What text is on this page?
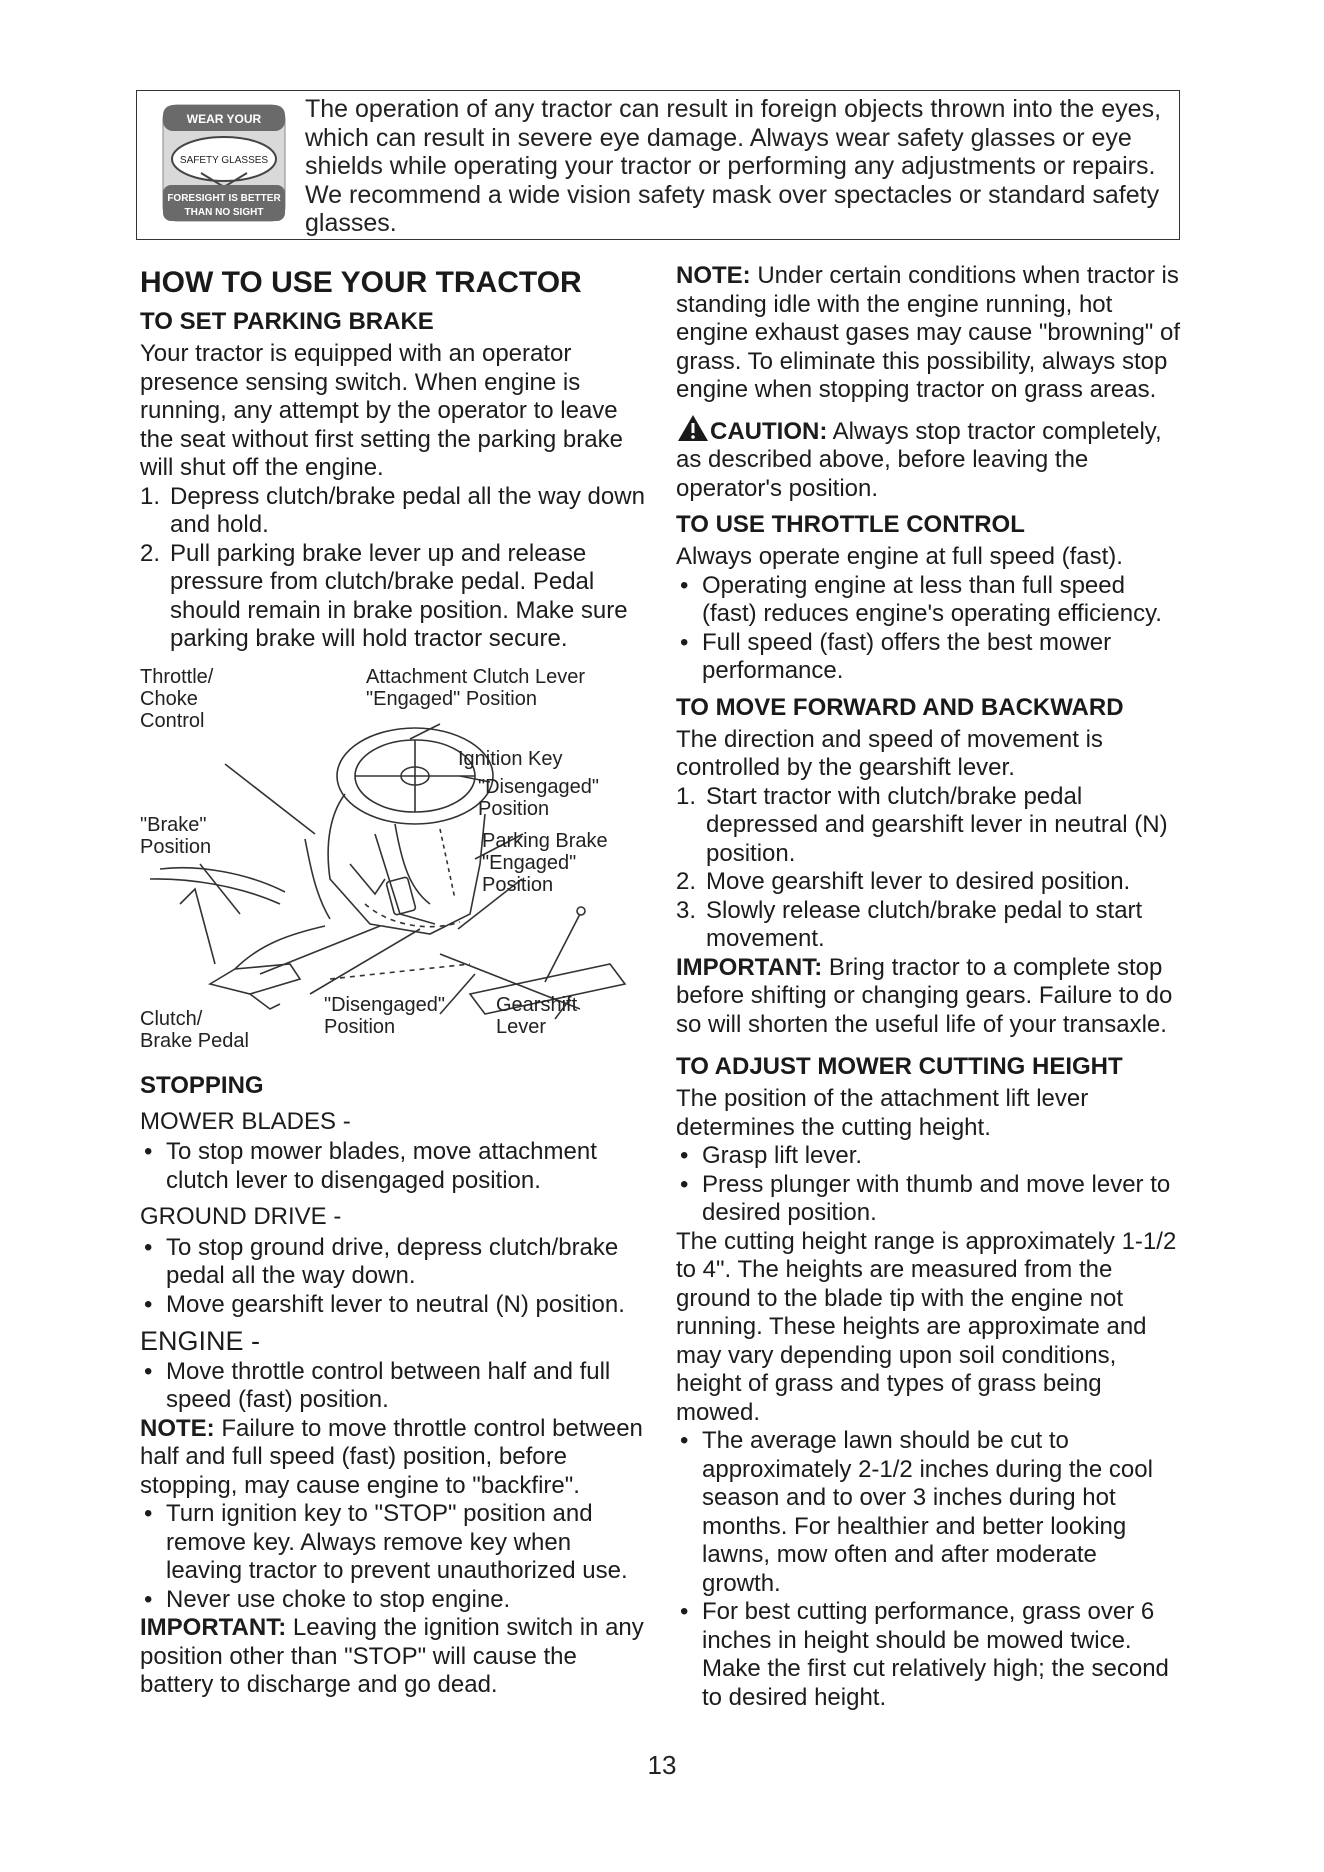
WEAR YOUR
SAFETY GLASSES
FORESIGHT IS BETTER
THAN NO SIGHT
The operation of any tractor can result in foreign objects thrown into the eyes, which can result in severe eye damage. Always wear safety glasses or eye shields while operating your tractor or performing any adjustments or repairs. We recommend a wide vision safety mask over spectacles or standard safety glasses.
HOW TO USE YOUR TRACTOR
TO SET PARKING BRAKE

Your tractor is equipped with an operator presence sensing switch. When engine is running, any attempt by the operator to leave the seat without first setting the parking brake will shut off the engine.

1. Depress clutch/brake pedal all the way down and hold.
2. Pull parking brake lever up and release pressure from clutch/brake pedal. Pedal should remain in brake position. Make sure parking brake will hold tractor secure.
Throttle/
Choke
Control
Attachment Clutch Lever
"Engaged" Position
Ignition Key
"Disengaged"
Position
"Brake"
Position	Parking Brake
"Engaged"
Position
Clutch/
Brake Pedal
"Disengaged"
Position
Gearshift
Lever
STOPPING
MOWER BLADES -
• To stop mower blades, move attachment clutch lever to disengaged position.
GROUND DRIVE -
• To stop ground drive, depress clutch/brake pedal all the way down.
• Move gearshift lever to neutral (N) position.
ENGINE -
• Move throttle control between half and full speed (fast) position.

NOTE: Failure to move throttle control between half and full speed (fast) position, before stopping, may cause engine to "backfire".

• Turn ignition key to "STOP" position and remove key. Always remove key when leaving tractor to prevent unauthorized use.
• Never use choke to stop engine.

IMPORTANT: Leaving the ignition switch in any position other than "STOP" will cause the battery to discharge and go dead.

NOTE: Under certain conditions when tractor is standing idle with the engine running, hot engine exhaust gases may cause "browning" of grass. To eliminate this possibility, always stop engine when stopping tractor on grass areas.

CAUTION: Always stop tractor completely, as described above, before leaving the operator's position.

TO USE THROTTLE CONTROL

Always operate engine at full speed (fast).

• Operating engine at less than full speed (fast) reduces engine's operating efficiency.
• Full speed (fast) offers the best mower performance.
TO MOVE FORWARD AND BACKWARD

The direction and speed of movement is controlled by the gearshift lever.

1. Start tractor with clutch/brake pedal depressed and gearshift lever in neutral (N) position.
2. Move gearshift lever to desired position.
3. Slowly release clutch/brake pedal to start movement.

IMPORTANT: Bring tractor to a complete stop before shifting or changing gears. Failure to do so will shorten the useful life of your transaxle.

TO ADJUST MOWER CUTTING HEIGHT

The position of the attachment lift lever determines the cutting height.

• Grasp lift lever.
• Press plunger with thumb and move lever to desired position.

The cutting height range is approximately 1-1/2 to 4". The heights are measured from the ground to the blade tip with the engine not running. These heights are approximate and may vary depending upon soil conditions, height of grass and types of grass being mowed.

• The average lawn should be cut to approximately 2-1/2 inches during the cool season and to over 3 inches during hot months. For healthier and better looking lawns, mow often and after moderate growth.
• For best cutting performance, grass over 6 inches in height should be mowed twice. Make the first cut relatively high; the second to desired height.
13
